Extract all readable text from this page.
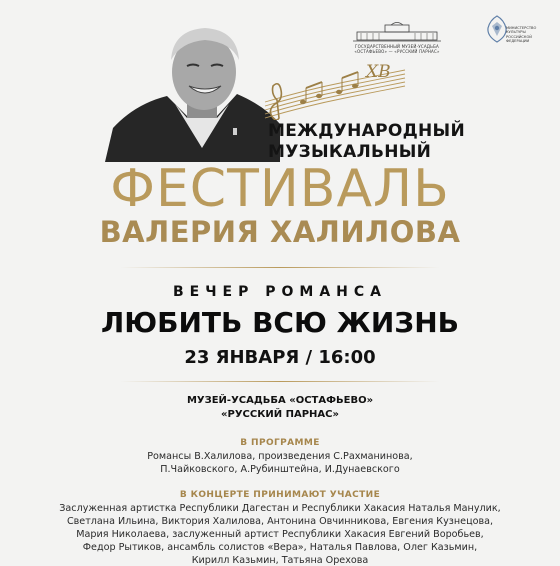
ГОСУДАРСТВЕННЫЙ МУЗЕЙ-УСАДЬБА
«ОСТАФЬЕВО» — «РУССКИЙ ПАРНАС»
МИНИСТЕРСТВО КУЛЬТУРЫ
РОССИЙСКОЙ ФЕДЕРАЦИИ
ХВ
МЕЖДУНАРОДНЫЙ
МУЗЫКАЛЬНЫЙ
ФЕСТИВАЛЬ
ВАЛЕРИЯ ХАЛИЛОВА
ВЕЧЕР РОМАНСА
ЛЮБИТЬ ВСЮ ЖИЗНЬ
23 ЯНВАРЯ / 16:00
МУЗЕЙ-УСАДЬБА «ОСТАФЬЕВО»
«РУССКИЙ ПАРНАС»
В ПРОГРАММЕ
Романсы В.Халилова, произведения С.Рахманинова,
П.Чайковского, А.Рубинштейна, И.Дунаевского
В КОНЦЕРТЕ ПРИНИМАЮТ УЧАСТИЕ
Заслуженная артистка Республики Дагестан и Республики Хакасия Наталья Манулик,
Светлана Ильина, Виктория Халилова, Антонина Овчинникова, Евгения Кузнецова,
Мария Николаева, заслуженный артист Республики Хакасия Евгений Воробьев,
Федор Рытиков, ансамбль солистов «Вера», Наталья Павлова, Олег Казьмин,
Кирилл Казьмин, Татьяна Орехова
